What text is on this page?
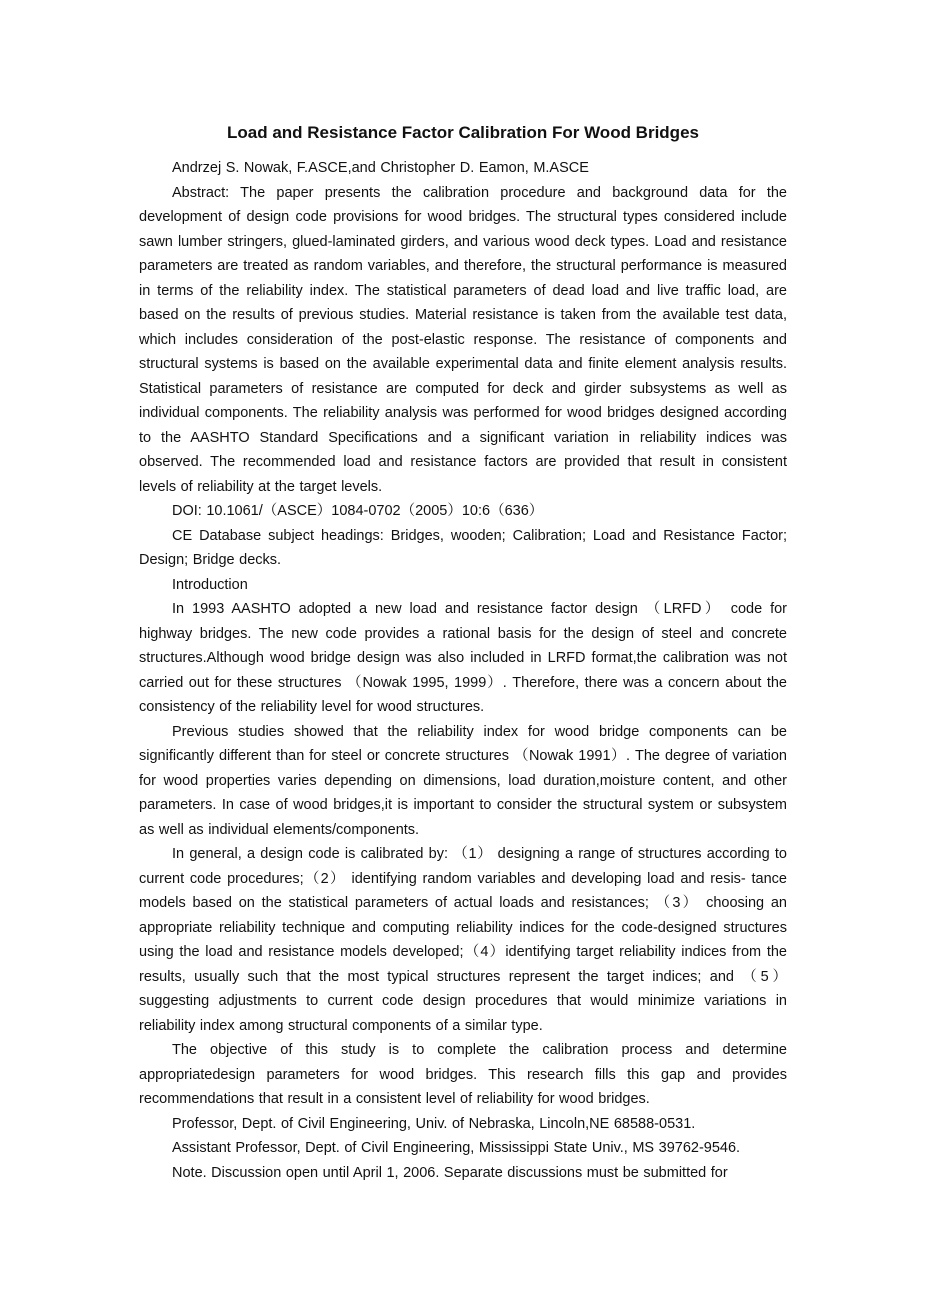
Load and Resistance Factor Calibration For Wood Bridges

Andrzej S. Nowak, F.ASCE,and Christopher D. Eamon, M.ASCE

Abstract: The paper presents the calibration procedure and background data for the development of design code provisions for wood bridges. The structural types considered include sawn lumber stringers, glued-laminated girders, and various wood deck types. Load and resistance parameters are treated as random variables, and therefore, the structural performance is measured in terms of the reliability index. The statistical parameters of dead load and live traffic load, are based on the results of previous studies. Material resistance is taken from the available test data, which includes consideration of the post-elastic response. The resistance of components and structural systems is based on the available experimental data and finite element analysis results. Statistical parameters of resistance are computed for deck and girder subsystems as well as individual components. The reliability analysis was performed for wood bridges designed according to the AASHTO Standard Specifications and a significant variation in reliability indices was observed. The recommended load and resistance factors are provided that result in consistent levels of reliability at the target levels.

DOI: 10.1061/（ASCE）1084-0702（2005）10:6（636）

CE Database subject headings: Bridges, wooden; Calibration; Load and Resistance Factor; Design; Bridge decks.

Introduction

In 1993 AASHTO adopted a new load and resistance factor design （LRFD） code for highway bridges. The new code provides a rational basis for the design of steel and concrete structures.Although wood bridge design was also included in LRFD format,the calibration was not carried out for these structures （Nowak 1995, 1999）. Therefore, there was a concern about the consistency of the reliability level for wood structures.

Previous studies showed that the reliability index for wood bridge components can be significantly different than for steel or concrete structures （Nowak 1991）. The degree of variation for wood properties varies depending on dimensions, load duration,moisture content, and other parameters. In case of wood bridges,it is important to consider the structural system or subsystem as well as individual elements/components.

In general, a design code is calibrated by: （1） designing a range of structures according to current code procedures;（2） identifying random variables and developing load and resis- tance models based on the statistical parameters of actual loads and resistances; （3） choosing an appropriate reliability technique and computing reliability indices for the code-designed structures using the load and resistance models developed;（4）identifying target reliability indices from the results, usually such that the most typical structures represent the target indices; and （5） suggesting adjustments to current code design procedures that would minimize variations in reliability index among structural components of a similar type.

The objective of this study is to complete the calibration process and determine appropriatedesign parameters for wood bridges. This research fills this gap and provides recommendations that result in a consistent level of reliability for wood bridges.

Professor, Dept. of Civil Engineering, Univ. of Nebraska, Lincoln,NE 68588-0531.

Assistant Professor, Dept. of Civil Engineering, Mississippi State Univ., MS 39762-9546.

Note. Discussion open until April 1, 2006. Separate discussions must be submitted for
